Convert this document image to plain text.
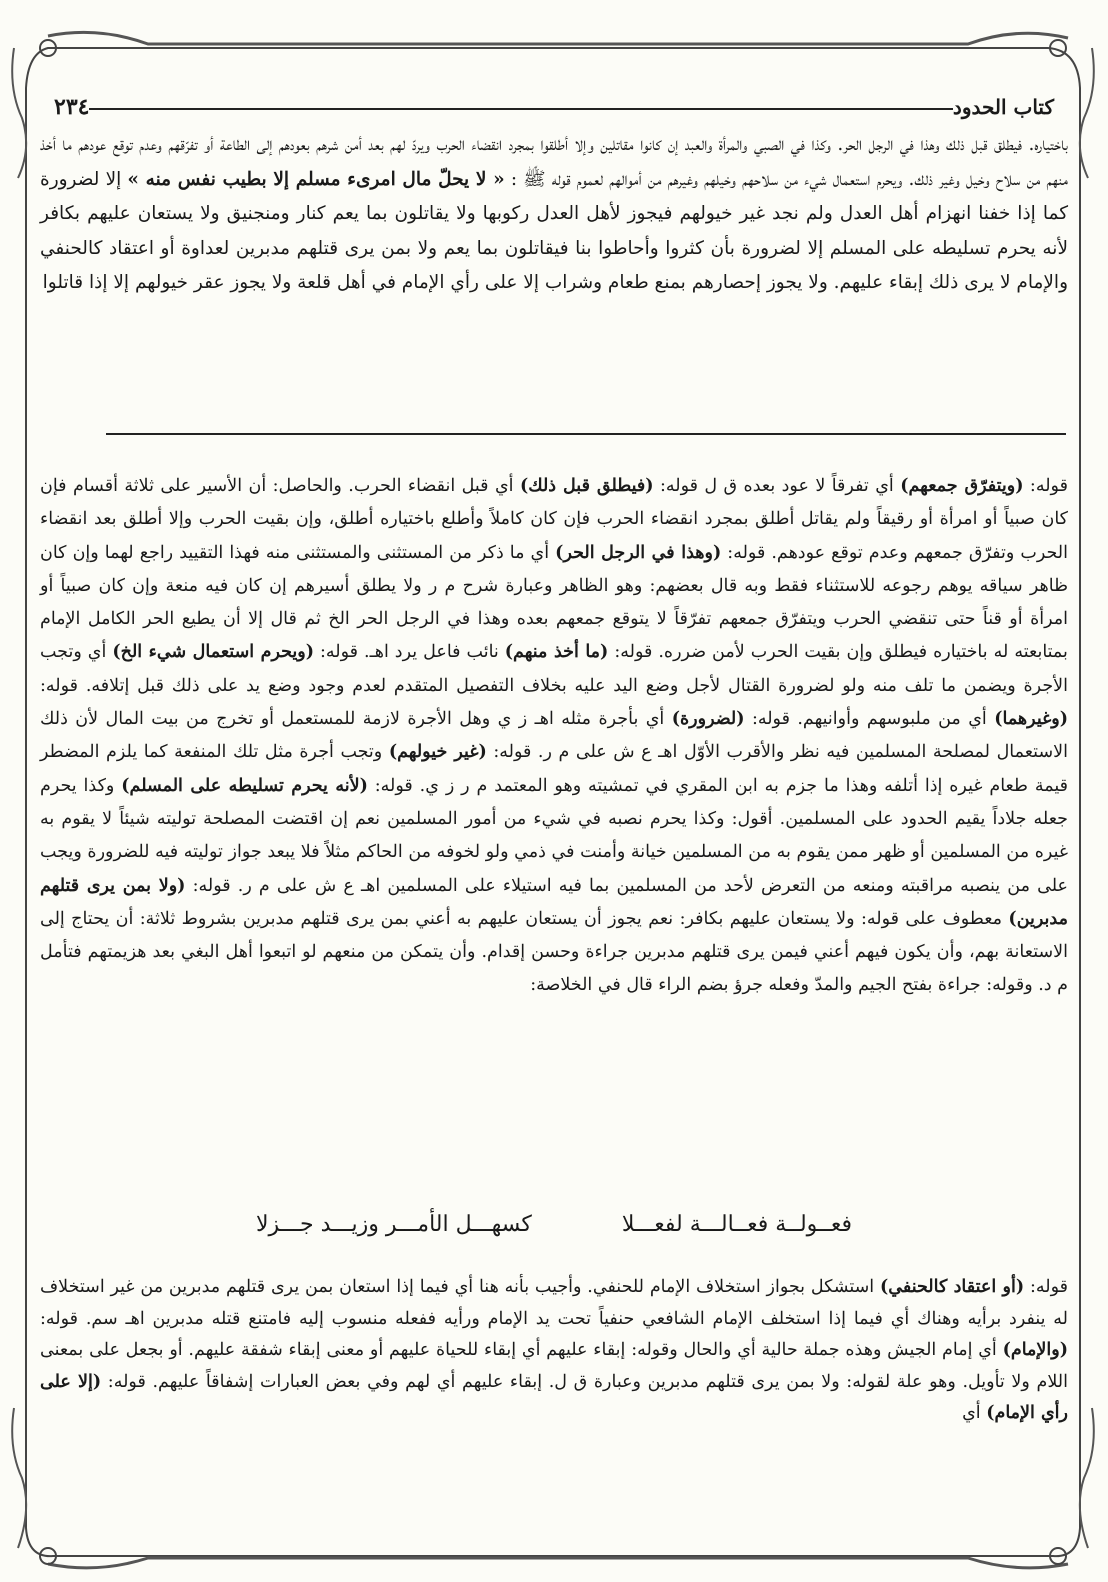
كتاب الحدود
٢٣٤
باختياره. فيطلق قبل ذلك وهذا في الرجل الحر. وكذا في الصبي والمرأة والعبد إن كانوا مقاتلين وإلا أطلقوا بمجرد انقضاء الحرب ويردّ لهم بعد أمن شرهم بعودهم إلى الطاعة أو تفرّقهم وعدم توقع عودهم ما أخذ منهم من سلاح وخيل وغير ذلك. ويحرم استعمال شيء من سلاحهم وخيلهم وغيرهم من أموالهم لعموم قوله ﷺ : « لا يحلّ مال امرىء مسلم إلا بطيب نفس منه » إلا لضرورة كما إذا خفنا انهزام أهل العدل ولم نجد غير خيولهم فيجوز لأهل العدل ركوبها ولا يقاتلون بما يعم كنار ومنجنيق ولا يستعان عليهم بكافر لأنه يحرم تسليطه على المسلم إلا لضرورة بأن كثروا وأحاطوا بنا فيقاتلون بما يعم ولا بمن يرى قتلهم مدبرين لعداوة أو اعتقاد كالحنفي والإمام لا يرى ذلك إبقاء عليهم. ولا يجوز إحصارهم بمنع طعام وشراب إلا على رأي الإمام في أهل قلعة ولا يجوز عقر خيولهم إلا إذا قاتلوا
قوله: (ويتفرّق جمعهم) أي تفرقاً لا عود بعده ق ل قوله: (فيطلق قبل ذلك) أي قبل انقضاء الحرب. والحاصل: أن الأسير على ثلاثة أقسام فإن كان صبياً أو امرأة أو رقيقاً ولم يقاتل أطلق بمجرد انقضاء الحرب فإن كان كاملاً وأطلع باختياره أطلق، وإن بقيت الحرب وإلا أطلق بعد انقضاء الحرب وتفرّق جمعهم وعدم توقع عودهم. قوله: (وهذا في الرجل الحر) أي ما ذكر من المستثنى والمستثنى منه فهذا التقييد راجع لهما وإن كان ظاهر سياقه يوهم رجوعه للاستثناء فقط وبه قال بعضهم: وهو الظاهر وعبارة شرح م ر ولا يطلق أسيرهم إن كان فيه منعة وإن كان صبياً أو امرأة أو قناً حتى تنقضي الحرب ويتفرّق جمعهم تفرّقاً لا يتوقع جمعهم بعده وهذا في الرجل الحر الخ ثم قال إلا أن يطيع الحر الكامل الإمام بمتابعته له باختياره فيطلق وإن بقيت الحرب لأمن ضرره. قوله: (ما أخذ منهم) نائب فاعل يرد اهـ. قوله: (ويحرم استعمال شيء الخ) أي وتجب الأجرة ويضمن ما تلف منه ولو لضرورة القتال لأجل وضع اليد عليه بخلاف التفصيل المتقدم لعدم وجود وضع يد على ذلك قبل إتلافه. قوله: (وغيرهما) أي من ملبوسهم وأوانيهم. قوله: (لضرورة) أي بأجرة مثله اهـ ز ي وهل الأجرة لازمة للمستعمل أو تخرج من بيت المال لأن ذلك الاستعمال لمصلحة المسلمين فيه نظر والأقرب الأوّل اهـ ع ش على م ر. قوله: (غير خيولهم) وتجب أجرة مثل تلك المنفعة كما يلزم المضطر قيمة طعام غيره إذا أتلفه وهذا ما جزم به ابن المقري في تمشيته وهو المعتمد م ر ز ي. قوله: (لأنه يحرم تسليطه على المسلم) وكذا يحرم جعله جلاداً يقيم الحدود على المسلمين. أقول: وكذا يحرم نصبه في شيء من أمور المسلمين نعم إن اقتضت المصلحة توليته شيئاً لا يقوم به غيره من المسلمين أو ظهر ممن يقوم به من المسلمين خيانة وأمنت في ذمي ولو لخوفه من الحاكم مثلاً فلا يبعد جواز توليته فيه للضرورة ويجب على من ينصبه مراقبته ومنعه من التعرض لأحد من المسلمين بما فيه استيلاء على المسلمين اهـ ع ش على م ر. قوله: (ولا بمن يرى قتلهم مدبرين) معطوف على قوله: ولا يستعان عليهم بكافر: نعم يجوز أن يستعان عليهم به أعني بمن يرى قتلهم مدبرين بشروط ثلاثة: أن يحتاج إلى الاستعانة بهم، وأن يكون فيهم أعني فيمن يرى قتلهم مدبرين جراءة وحسن إقدام. وأن يتمكن من منعهم لو اتبعوا أهل البغي بعد هزيمتهم فتأمل م د. وقوله: جراءة بفتح الجيم والمدّ وفعله جرؤ بضم الراء قال في الخلاصة:
فعــولــة فعــالـــة لفعـــلا
كسهـــل الأمـــر وزيـــد جـــزلا
قوله: (أو اعتقاد كالحنفي) استشكل بجواز استخلاف الإمام للحنفي. وأجيب بأنه هنا أي فيما إذا استعان بمن يرى قتلهم مدبرين من غير استخلاف له ينفرد برأيه وهناك أي فيما إذا استخلف الإمام الشافعي حنفياً تحت يد الإمام ورأيه ففعله منسوب إليه فامتنع قتله مدبرين اهـ سم. قوله: (والإمام) أي إمام الجيش وهذه جملة حالية أي والحال وقوله: إبقاء عليهم أي إبقاء للحياة عليهم أو معنى إبقاء شفقة عليهم. أو بجعل على بمعنى اللام ولا تأويل. وهو علة لقوله: ولا بمن يرى قتلهم مدبرين وعبارة ق ل. إبقاء عليهم أي لهم وفي بعض العبارات إشفاقاً عليهم. قوله: (إلا على رأي الإمام) أي
